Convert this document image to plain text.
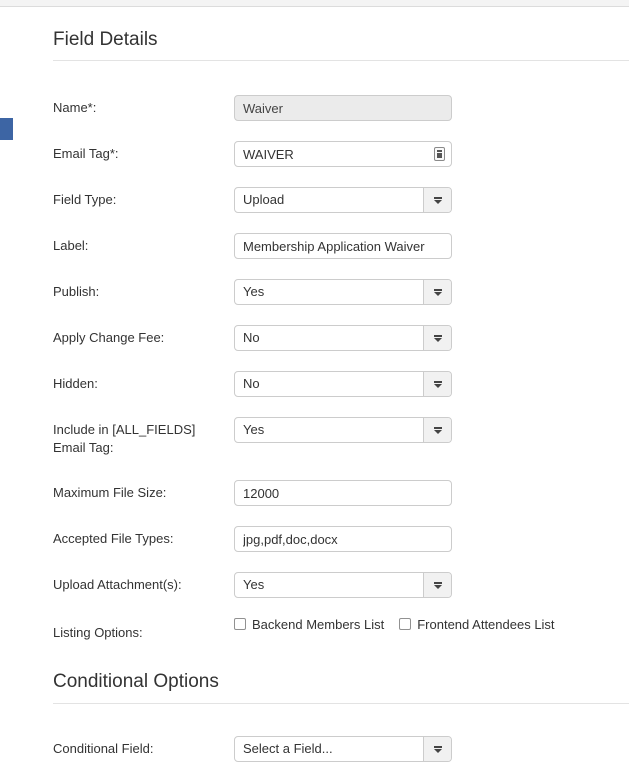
Field Details
Name*:
Waiver
Email Tag*:
WAIVER
Field Type:	Upload
Label:
Membership Application Waiver
Publish:	Yes
Apply Change Fee:	No
Hidden:	No
Include in [ALL_FIELDS] Email Tag:
Yes
Maximum File Size:
12000
Accepted File Types:
jpg,pdf,doc,docx
Upload Attachment(s):	Yes
Listing Options:
Backend Members List	Frontend Attendees List
Conditional Options
Conditional Field:	Select a Field...
